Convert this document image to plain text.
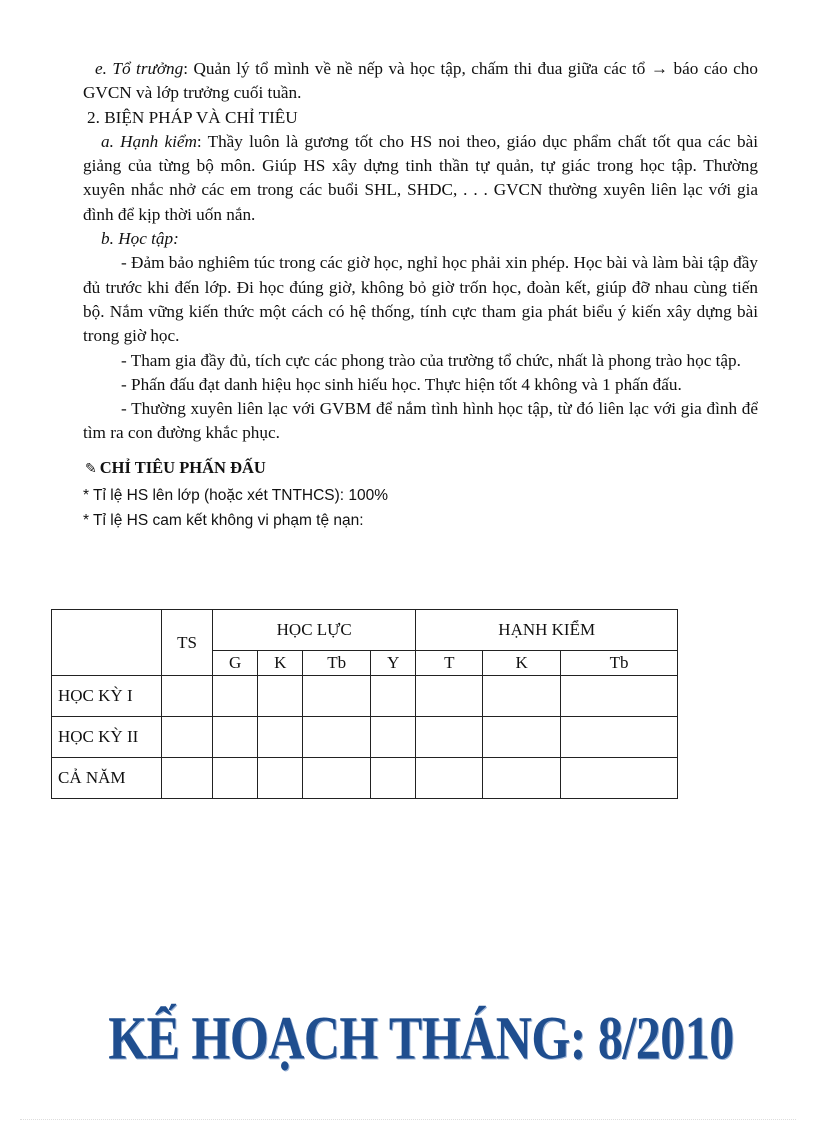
e. Tổ trưởng: Quản lý tổ mình về nề nếp và học tập, chấm thi đua giữa các tổ → báo cáo cho GVCN và lớp trưởng cuối tuần.

2. BIỆN PHÁP VÀ CHỈ TIÊU

a. Hạnh kiểm: Thầy luôn là gương tốt cho HS noi theo, giáo dục phẩm chất tốt qua các bài giảng của từng bộ môn. Giúp HS xây dựng tinh thần tự quản, tự giác trong học tập. Thường xuyên nhắc nhở các em trong các buổi SHL, SHDC, . . . GVCN thường xuyên liên lạc với gia đình để kịp thời uốn nắn.

b. Học tập:

- Đảm bảo nghiêm túc trong các giờ học, nghỉ học phải xin phép. Học bài và làm bài tập đầy đủ trước khi đến lớp. Đi học đúng giờ, không bỏ giờ trốn học, đoàn kết, giúp đỡ nhau cùng tiến bộ. Nắm vững kiến thức một cách có hệ thống, tính cực tham gia phát biểu ý kiến xây dựng bài trong giờ học.

- Tham gia đầy đủ, tích cực các phong trào của trường tổ chức, nhất là phong trào học tập.

- Phấn đấu đạt danh hiệu học sinh hiếu học. Thực hiện tốt 4 không và 1 phấn đấu.

- Thường xuyên liên lạc với GVBM để nắm tình hình học tập, từ đó liên lạc với gia đình để tìm ra con đường khắc phục.

✎ CHỈ TIÊU PHẤN ĐẤU

* Tỉ lệ HS lên lớp (hoặc xét TNTHCS): 100%

* Tỉ lệ HS cam kết không vi phạm tệ nạn:

	TS	HỌC LỰC				HẠNH KIỂM		
		G	K	Tb	Y	T	K	Tb
HỌC KỲ I								
HỌC KỲ II								
CẢ NĂM								
KẾ HOẠCH THÁNG: 8/2010
